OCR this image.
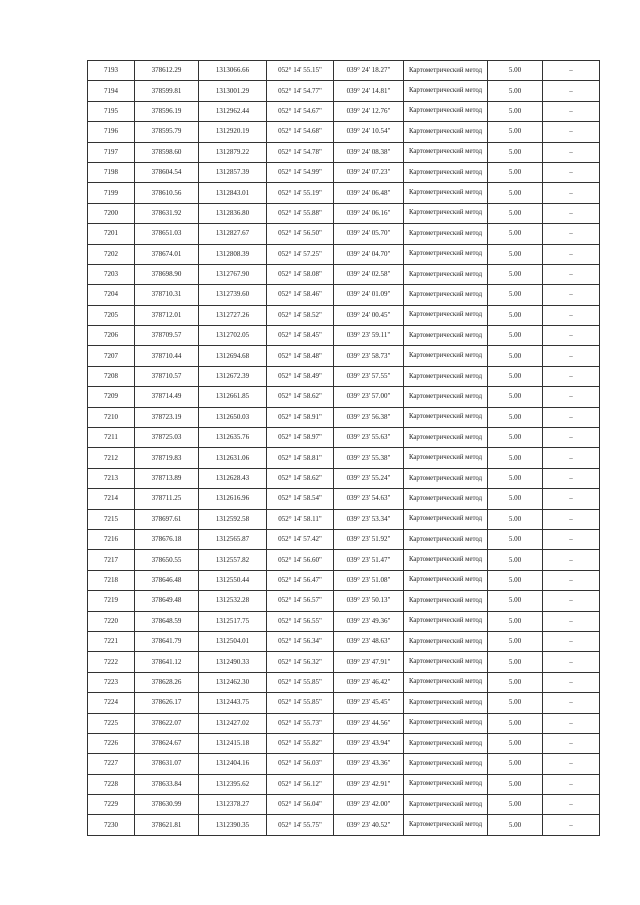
7193	378612.29	1313066.66	052° 14' 55.15"	039° 24' 18.27"	Картометрический метод	5.00	–
7194	378599.81	1313001.29	052° 14' 54.77"	039° 24' 14.81"	Картометрический метод	5.00	–
7195	378596.19	1312962.44	052° 14' 54.67"	039° 24' 12.76"	Картометрический метод	5.00	–
7196	378595.79	1312920.19	052° 14' 54.68"	039° 24' 10.54"	Картометрический метод	5.00	–
7197	378598.60	1312879.22	052° 14' 54.78"	039° 24' 08.38"	Картометрический метод	5.00	–
7198	378604.54	1312857.39	052° 14' 54.99"	039° 24' 07.23"	Картометрический метод	5.00	–
7199	378610.56	1312843.01	052° 14' 55.19"	039° 24' 06.48"	Картометрический метод	5.00	–
7200	378631.92	1312836.80	052° 14' 55.88"	039° 24' 06.16"	Картометрический метод	5.00	–
7201	378651.03	1312827.67	052° 14' 56.50"	039° 24' 05.70"	Картометрический метод	5.00	–
7202	378674.01	1312808.39	052° 14' 57.25"	039° 24' 04.70"	Картометрический метод	5.00	–
7203	378698.90	1312767.90	052° 14' 58.08"	039° 24' 02.58"	Картометрический метод	5.00	–
7204	378710.31	1312739.60	052° 14' 58.46"	039° 24' 01.09"	Картометрический метод	5.00	–
7205	378712.01	1312727.26	052° 14' 58.52"	039° 24' 00.45"	Картометрический метод	5.00	–
7206	378709.57	1312702.05	052° 14' 58.45"	039° 23' 59.11"	Картометрический метод	5.00	–
7207	378710.44	1312694.68	052° 14' 58.48"	039° 23' 58.73"	Картометрический метод	5.00	–
7208	378710.57	1312672.39	052° 14' 58.49"	039° 23' 57.55"	Картометрический метод	5.00	–
7209	378714.49	1312661.85	052° 14' 58.62"	039° 23' 57.00"	Картометрический метод	5.00	–
7210	378723.19	1312650.03	052° 14' 58.91"	039° 23' 56.38"	Картометрический метод	5.00	–
7211	378725.03	1312635.76	052° 14' 58.97"	039° 23' 55.63"	Картометрический метод	5.00	–
7212	378719.83	1312631.06	052° 14' 58.81"	039° 23' 55.38"	Картометрический метод	5.00	–
7213	378713.89	1312628.43	052° 14' 58.62"	039° 23' 55.24"	Картометрический метод	5.00	–
7214	378711.25	1312616.96	052° 14' 58.54"	039° 23' 54.63"	Картометрический метод	5.00	–
7215	378697.61	1312592.58	052° 14' 58.11"	039° 23' 53.34"	Картометрический метод	5.00	–
7216	378676.18	1312565.87	052° 14' 57.42"	039° 23' 51.92"	Картометрический метод	5.00	–
7217	378650.55	1312557.82	052° 14' 56.60"	039° 23' 51.47"	Картометрический метод	5.00	–
7218	378646.48	1312550.44	052° 14' 56.47"	039° 23' 51.08"	Картометрический метод	5.00	–
7219	378649.48	1312532.28	052° 14' 56.57"	039° 23' 50.13"	Картометрический метод	5.00	–
7220	378648.59	1312517.75	052° 14' 56.55"	039° 23' 49.36"	Картометрический метод	5.00	–
7221	378641.79	1312504.01	052° 14' 56.34"	039° 23' 48.63"	Картометрический метод	5.00	–
7222	378641.12	1312490.33	052° 14' 56.32"	039° 23' 47.91"	Картометрический метод	5.00	–
7223	378628.26	1312462.30	052° 14' 55.85"	039° 23' 46.42"	Картометрический метод	5.00	–
7224	378626.17	1312443.75	052° 14' 55.85"	039° 23' 45.45"	Картометрический метод	5.00	–
7225	378622.07	1312427.02	052° 14' 55.73"	039° 23' 44.56"	Картометрический метод	5.00	–
7226	378624.67	1312415.18	052° 14' 55.82"	039° 23' 43.94"	Картометрический метод	5.00	–
7227	378631.07	1312404.16	052° 14' 56.03"	039° 23' 43.36"	Картометрический метод	5.00	–
7228	378633.84	1312395.62	052° 14' 56.12"	039° 23' 42.91"	Картометрический метод	5.00	–
7229	378630.99	1312378.27	052° 14' 56.04"	039° 23' 42.00"	Картометрический метод	5.00	–
7230	378621.81	1312390.35	052° 14' 55.75"	039° 23' 40.52"	Картометрический метод	5.00	–
